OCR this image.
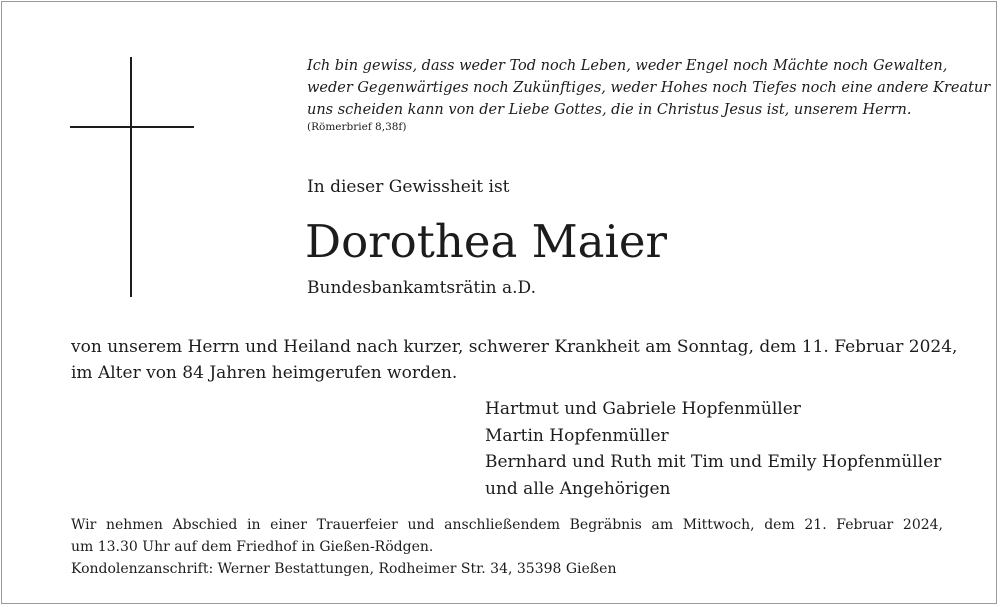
Ich bin gewiss, dass weder Tod noch Leben, weder Engel noch Mächte noch Gewalten,
weder Gegenwärtiges noch Zukünftiges, weder Hohes noch Tiefes noch eine andere Kreatur
uns scheiden kann von der Liebe Gottes, die in Christus Jesus ist, unserem Herrn.
(Römerbrief 8,38f)
In dieser Gewissheit ist
Dorothea Maier
Bundesbankamtsrätin a.D.
von unserem Herrn und Heiland nach kurzer, schwerer Krankheit am Sonntag, dem 11. Februar 2024,
im Alter von 84 Jahren heimgerufen worden.
Hartmut und Gabriele Hopfenmüller
Martin Hopfenmüller
Bernhard und Ruth mit Tim und Emily Hopfenmüller
und alle Angehörigen
Wir nehmen Abschied in einer Trauerfeier und anschließendem Begräbnis am Mittwoch, dem 21. Februar 2024,
um 13.30 Uhr auf dem Friedhof in Gießen-Rödgen.
Kondolenzanschrift: Werner Bestattungen, Rodheimer Str. 34, 35398 Gießen
